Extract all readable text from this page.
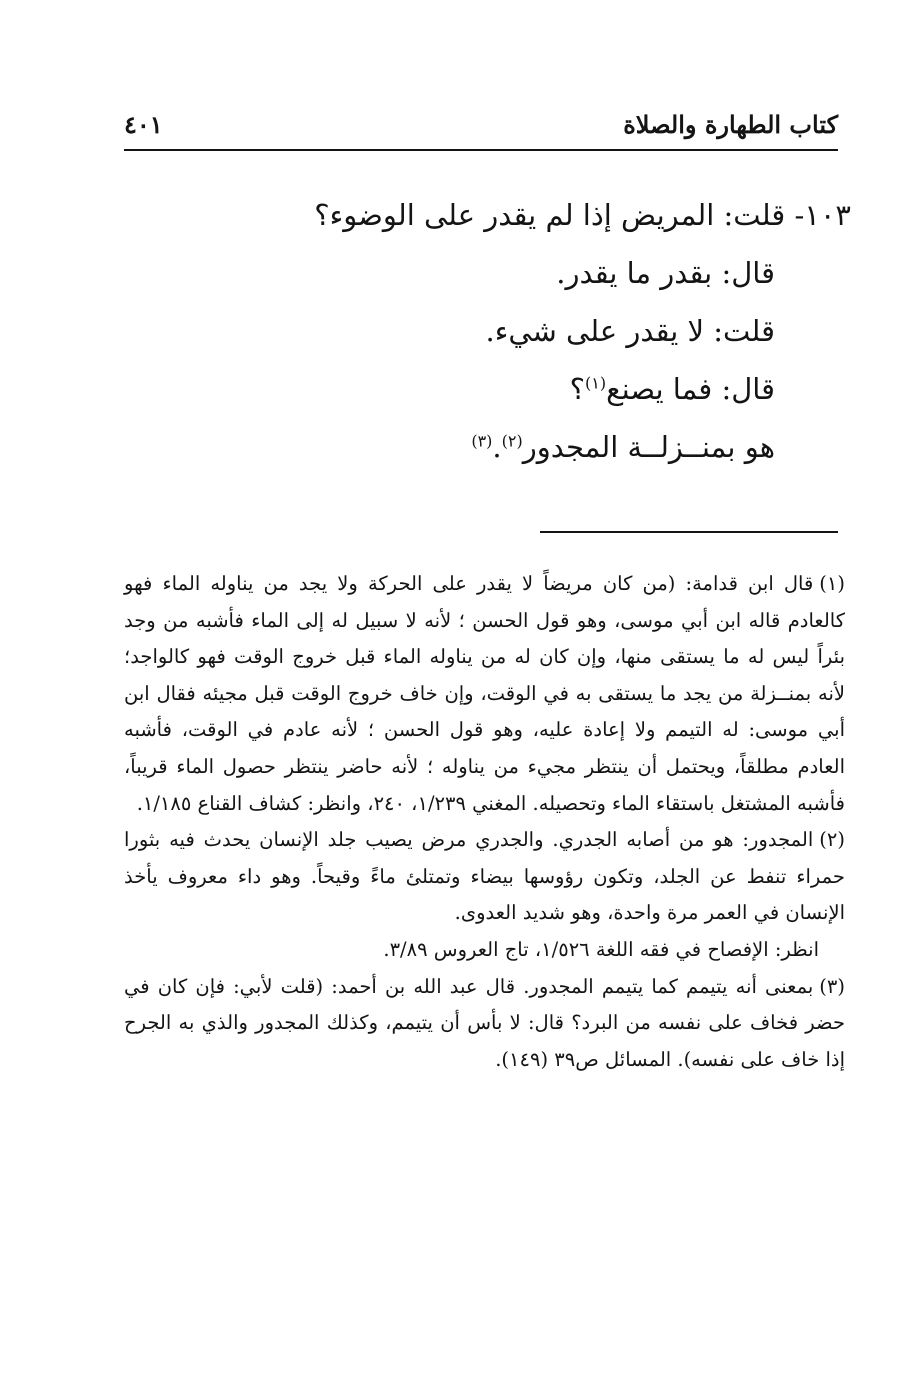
كتاب الطهارة والصلاة
٤٠١
١٠٣- قلت: المريض إذا لم يقدر على الوضوء؟
قال: بقدر ما يقدر.
قلت: لا يقدر على شيء.
قال: فما يصنع$^{(١)}$؟
هو بمنــزلــة المجدور$^{(٢)}$.$^{(٣)}$
(١)قال ابن قدامة: (من كان مريضاً لا يقدر على الحركة ولا يجد من يناوله الماء فهو كالعادم قاله ابن أبي موسى، وهو قول الحسن ؛ لأنه لا سبيل له إلى الماء فأشبه من وجد بئراً ليس له ما يستقى منها، وإن كان له من يناوله الماء قبل خروج الوقت فهو كالواجد؛ لأنه بمنــزلة من يجد ما يستقى به في الوقت، وإن خاف خروج الوقت قبل مجيئه فقال ابن أبي موسى: له التيمم ولا إعادة عليه، وهو قول الحسن ؛ لأنه عادم في الوقت، فأشبه العادم مطلقاً، ويحتمل أن ينتظر مجيء من يناوله ؛ لأنه حاضر ينتظر حصول الماء قريباً، فأشبه المشتغل باستقاء الماء وتحصيله. المغني ١/٢٣٩، ٢٤٠، وانظر: كشاف القناع ١/١٨٥.
(٢)المجدور: هو من أصابه الجدري. والجدري مرض يصيب جلد الإنسان يحدث فيه بثورا حمراء تنفط عن الجلد، وتكون رؤوسها بيضاء وتمتلئ ماءً وقيحاً. وهو داء معروف يأخذ الإنسان في العمر مرة واحدة، وهو شديد العدوى.
انظر: الإفصاح في فقه اللغة ١/٥٢٦، تاج العروس ٣/٨٩.
(٣)بمعنى أنه يتيمم كما يتيمم المجدور. قال عبد الله بن أحمد: (قلت لأبي: فإن كان في حضر فخاف على نفسه من البرد؟ قال: لا بأس أن يتيمم، وكذلك المجدور والذي به الجرح إذا خاف على نفسه). المسائل ص٣٩ (١٤٩).
